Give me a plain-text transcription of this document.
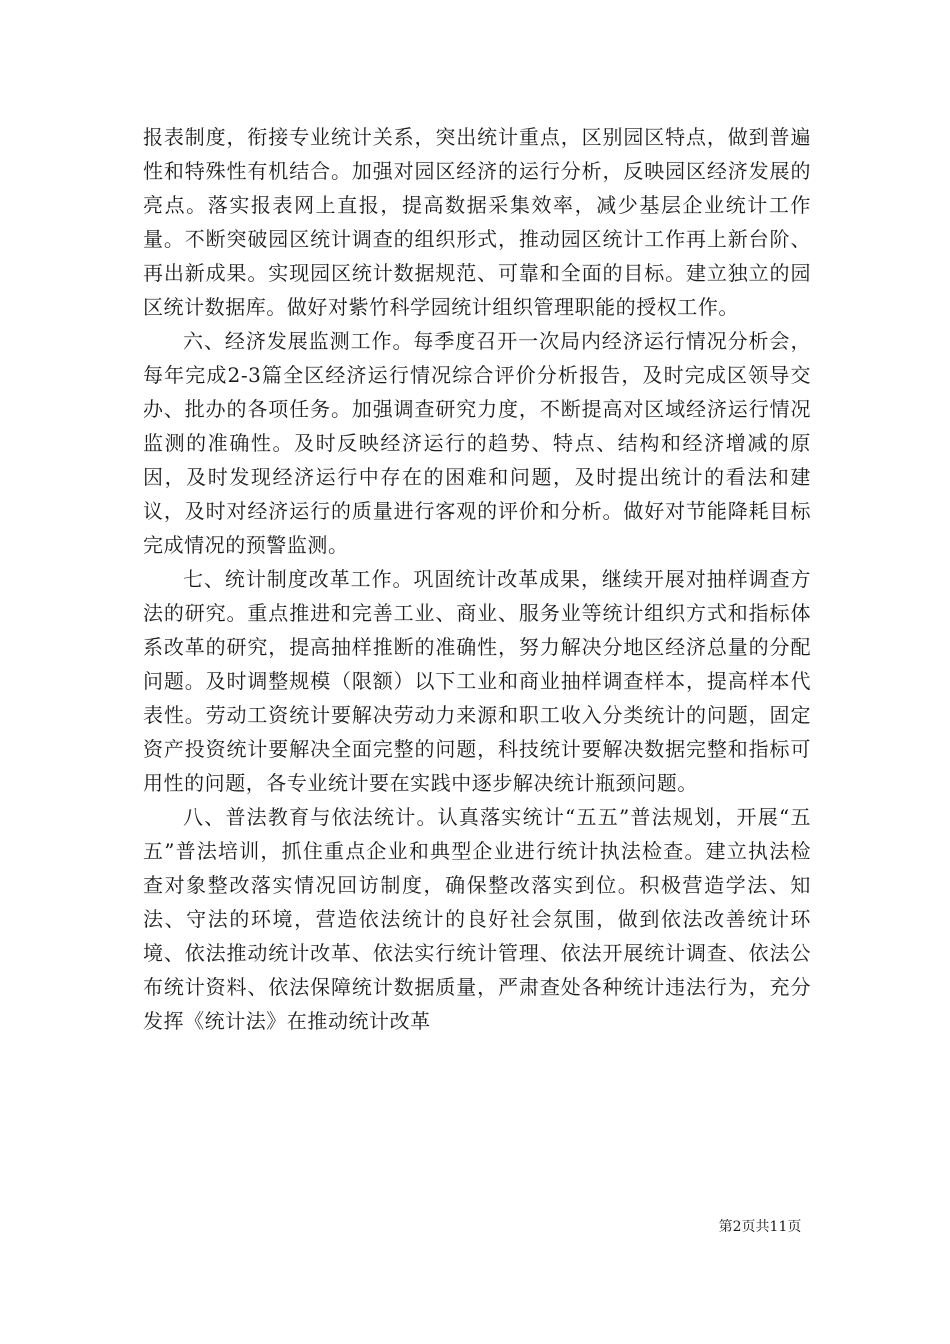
报表制度，衔接专业统计关系，突出统计重点，区别园区特点，做到普遍性和特殊性有机结合。加强对园区经济的运行分析，反映园区经济发展的亮点。落实报表网上直报，提高数据采集效率，减少基层企业统计工作量。不断突破园区统计调查的组织形式，推动园区统计工作再上新台阶、再出新成果。实现园区统计数据规范、可靠和全面的目标。建立独立的园区统计数据库。做好对紫竹科学园统计组织管理职能的授权工作。

六、经济发展监测工作。每季度召开一次局内经济运行情况分析会，每年完成2-3篇全区经济运行情况综合评价分析报告，及时完成区领导交办、批办的各项任务。加强调查研究力度，不断提高对区域经济运行情况监测的准确性。及时反映经济运行的趋势、特点、结构和经济增减的原因，及时发现经济运行中存在的困难和问题，及时提出统计的看法和建议，及时对经济运行的质量进行客观的评价和分析。做好对节能降耗目标完成情况的预警监测。

七、统计制度改革工作。巩固统计改革成果，继续开展对抽样调查方法的研究。重点推进和完善工业、商业、服务业等统计组织方式和指标体系改革的研究，提高抽样推断的准确性，努力解决分地区经济总量的分配问题。及时调整规模（限额）以下工业和商业抽样调查样本，提高样本代表性。劳动工资统计要解决劳动力来源和职工收入分类统计的问题，固定资产投资统计要解决全面完整的问题，科技统计要解决数据完整和指标可用性的问题，各专业统计要在实践中逐步解决统计瓶颈问题。

八、普法教育与依法统计。认真落实统计“五五”普法规划，开展“五五”普法培训，抓住重点企业和典型企业进行统计执法检查。建立执法检查对象整改落实情况回访制度，确保整改落实到位。积极营造学法、知法、守法的环境，营造依法统计的良好社会氛围，做到依法改善统计环境、依法推动统计改革、依法实行统计管理、依法开展统计调查、依法公布统计资料、依法保障统计数据质量，严肃查处各种统计违法行为，充分发挥《统计法》在推动统计改革

第2页共11页
